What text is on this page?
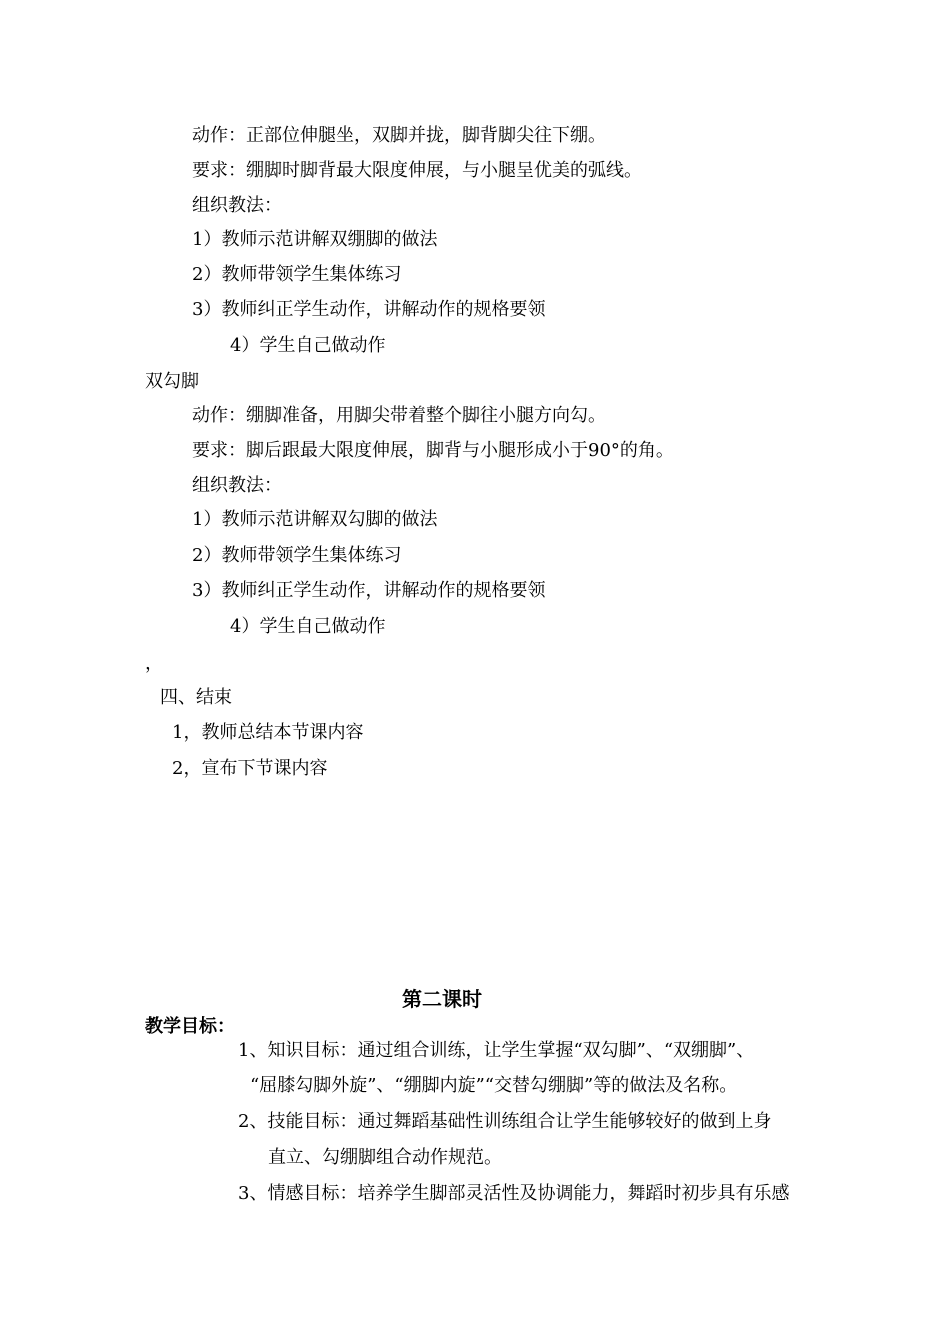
动作：正部位伸腿坐，双脚并拢，脚背脚尖往下绷。
要求：绷脚时脚背最大限度伸展，与小腿呈优美的弧线。
组织教法：
1）教师示范讲解双绷脚的做法
2）教师带领学生集体练习
3）教师纠正学生动作，讲解动作的规格要领
4）学生自己做动作
双勾脚
动作：绷脚准备，用脚尖带着整个脚往小腿方向勾。
要求：脚后跟最大限度伸展，脚背与小腿形成小于90°的角。
组织教法：
1）教师示范讲解双勾脚的做法
2）教师带领学生集体练习
3）教师纠正学生动作，讲解动作的规格要领
4）学生自己做动作
，
四、结束
1，教师总结本节课内容
2，宣布下节课内容
第二课时
教学目标：
1、知识目标：通过组合训练，让学生掌握“双勾脚”、“双绷脚”、
“屈膝勾脚外旋”、“绷脚内旋”“交替勾绷脚”等的做法及名称。
2、技能目标：通过舞蹈基础性训练组合让学生能够较好的做到上身
直立、勾绷脚组合动作规范。
3、情感目标：培养学生脚部灵活性及协调能力，舞蹈时初步具有乐感
